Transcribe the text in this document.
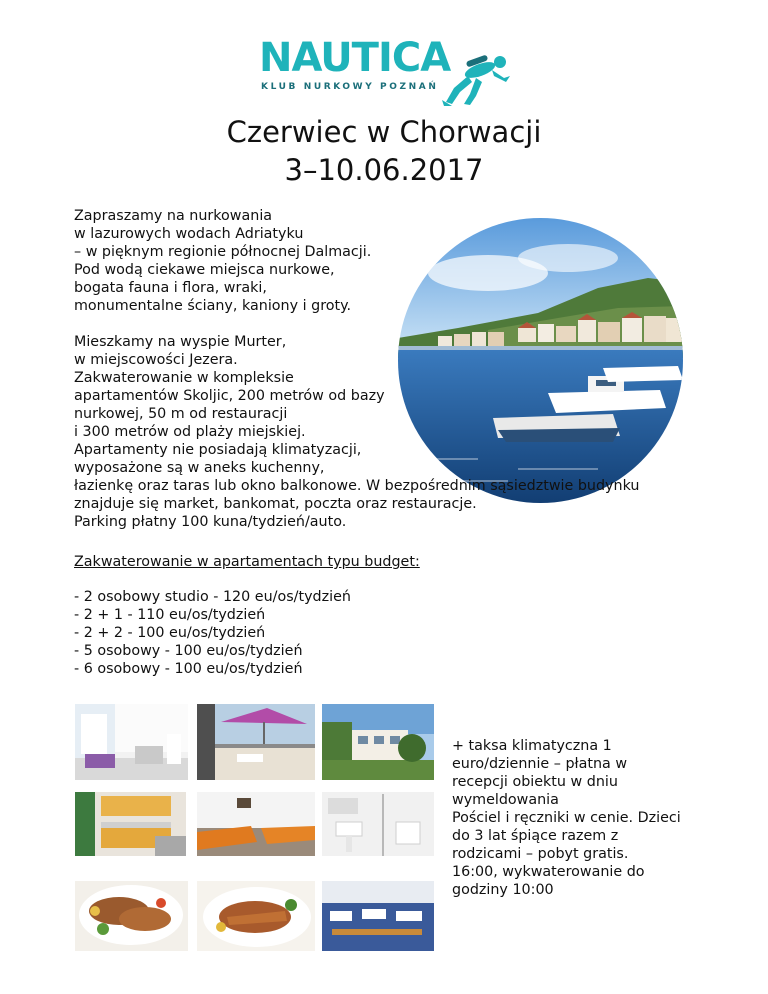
NAUTICA
KLUB NURKOWY POZNAŃ
Czerwiec w Chorwacji
3–10.06.2017
Zapraszamy na nurkowania
w lazurowych wodach Adriatyku
– w pięknym regionie północnej Dalmacji.
Pod wodą ciekawe miejsca nurkowe,
bogata fauna i flora, wraki,
monumentalne ściany, kaniony i groty.
Mieszkamy na wyspie Murter,
w miejscowości Jezera.
Zakwaterowanie w kompleksie
apartamentów Skoljic, 200 metrów od bazy
nurkowej, 50 m od restauracji
i 300 metrów od plaży miejskiej.
Apartamenty nie posiadają klimatyzacji,
wyposażone są w aneks kuchenny,
łazienkę oraz taras lub okno balkonowe. W bezpośrednim sąsiedztwie budynku
znajduje się market, bankomat, poczta oraz restauracje.
Parking płatny 100 kuna/tydzień/auto.
Zakwaterowanie w apartamentach typu budget:
- 2 osobowy studio - 120 eu/os/tydzień
- 2 + 1 - 110 eu/os/tydzień
- 2 + 2 - 100 eu/os/tydzień
- 5 osobowy - 100 eu/os/tydzień
- 6 osobowy - 100 eu/os/tydzień
+ taksa klimatyczna 1
euro/dziennie – płatna w
recepcji obiektu w dniu
wymeldowania
Pościel i ręczniki w cenie. Dzieci
do 3 lat śpiące razem z
rodzicami – pobyt gratis.
16:00, wykwaterowanie do
godziny 10:00
